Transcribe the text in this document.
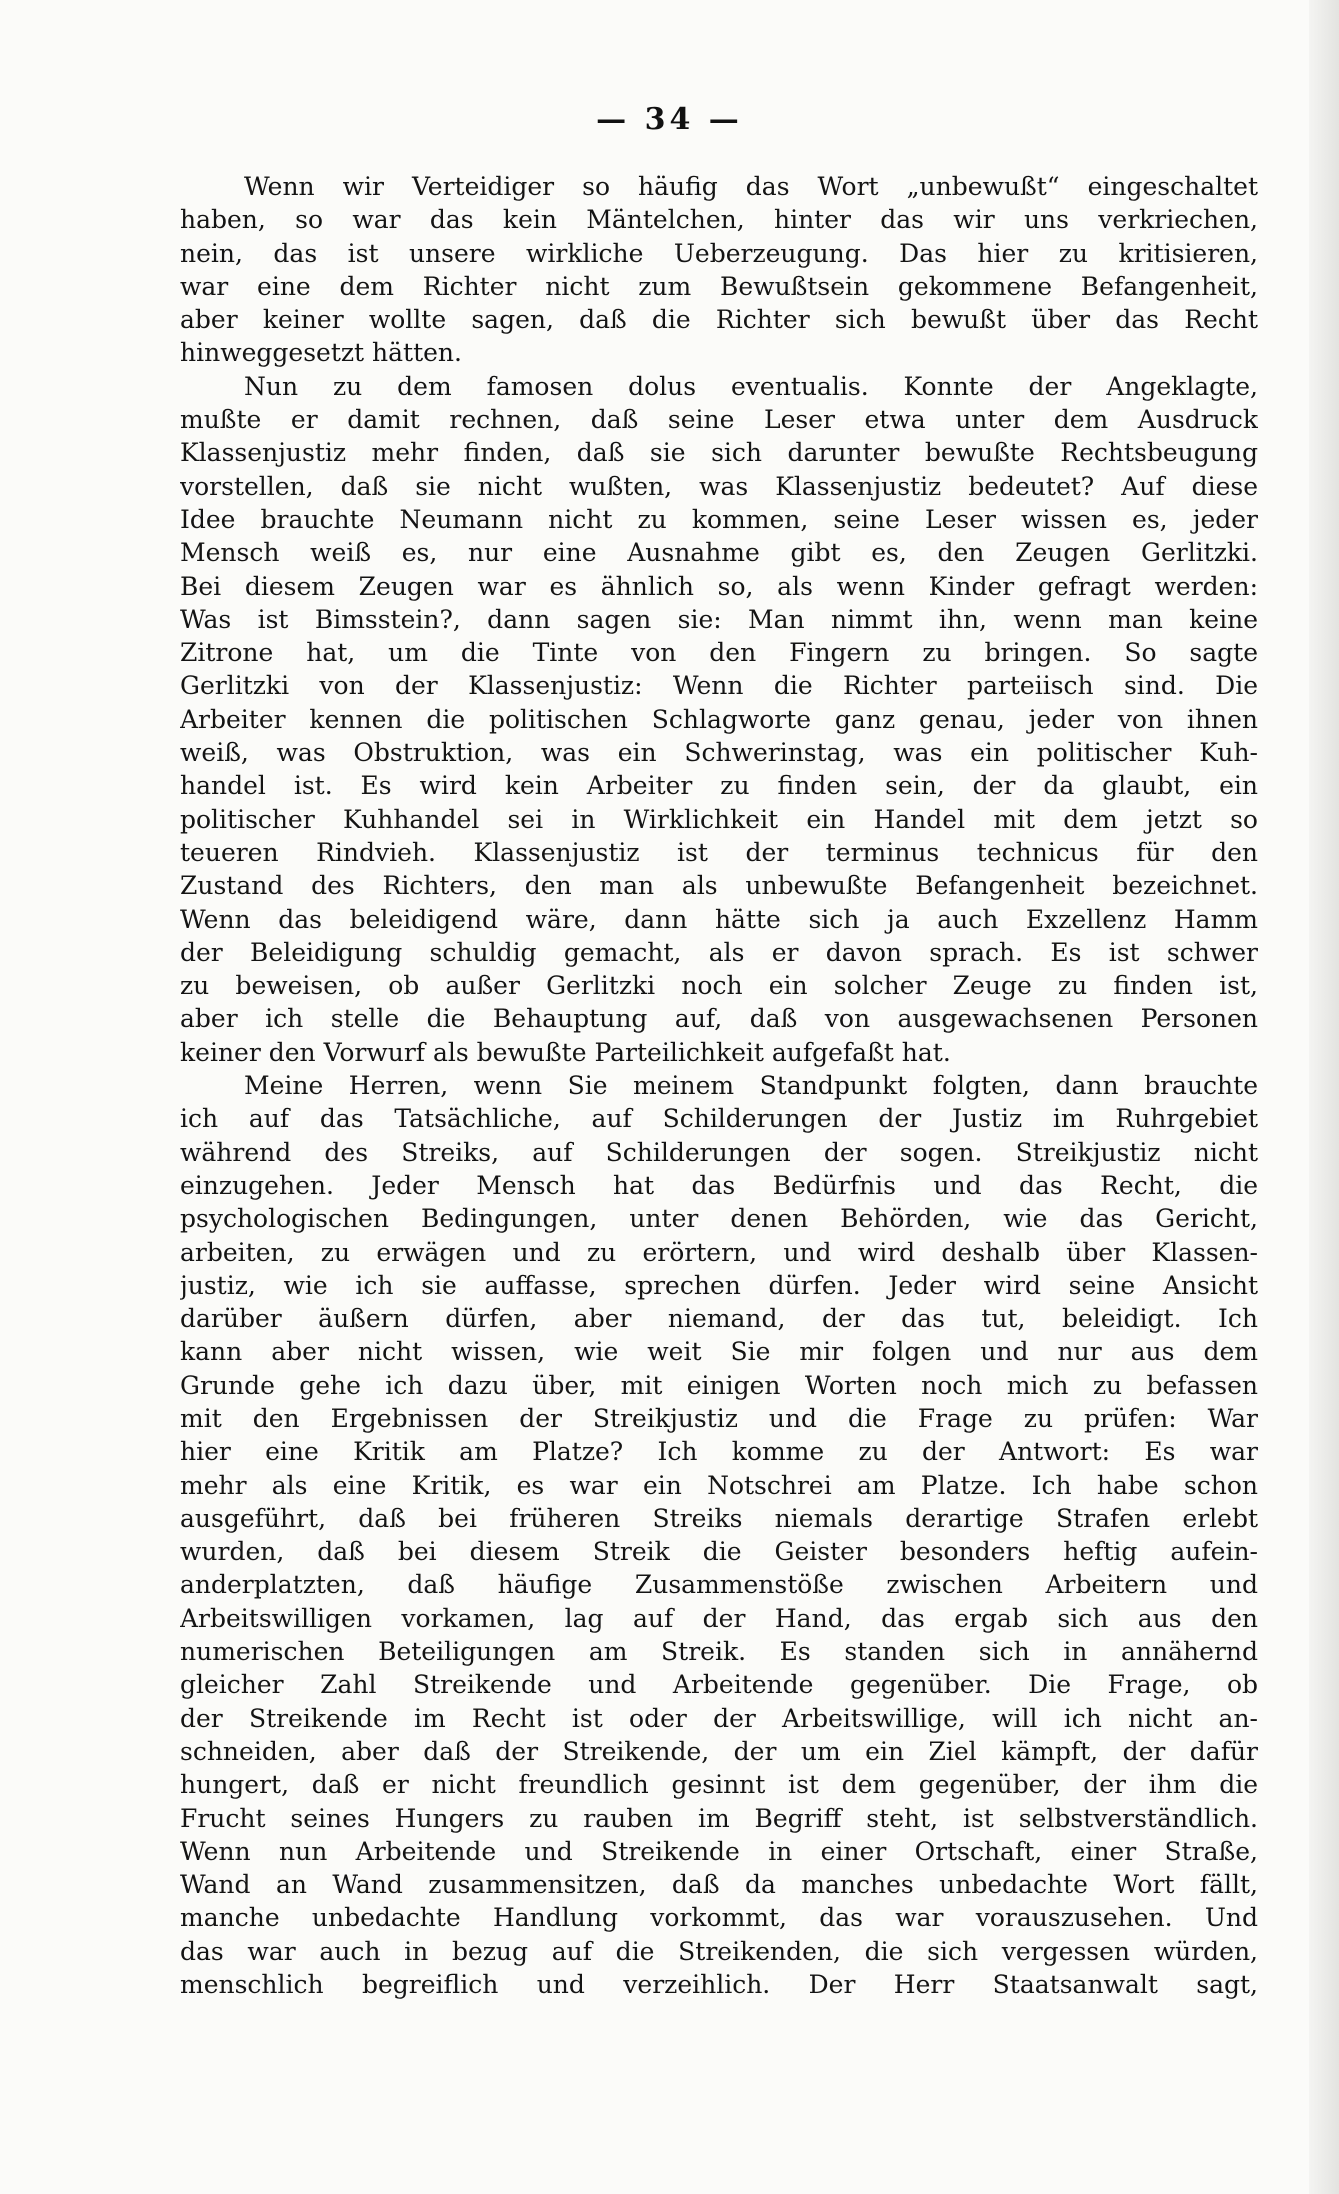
— 34 —
Wenn wir Verteidiger so häufig das Wort „unbewußt“ eingeschaltet
haben, so war das kein Mäntelchen, hinter das wir uns verkriechen,
nein, das ist unsere wirkliche Ueberzeugung. Das hier zu kritisieren,
war eine dem Richter nicht zum Bewußtsein gekommene Befangenheit,
aber keiner wollte sagen, daß die Richter sich bewußt über das Recht
hinweggesetzt hätten.
Nun zu dem famosen dolus eventualis. Konnte der Angeklagte,
mußte er damit rechnen, daß seine Leser etwa unter dem Ausdruck
Klassenjustiz mehr finden, daß sie sich darunter bewußte Rechtsbeugung
vorstellen, daß sie nicht wußten, was Klassenjustiz bedeutet? Auf diese
Idee brauchte Neumann nicht zu kommen, seine Leser wissen es, jeder
Mensch weiß es, nur eine Ausnahme gibt es, den Zeugen Gerlitzki.
Bei diesem Zeugen war es ähnlich so, als wenn Kinder gefragt werden:
Was ist Bimsstein?, dann sagen sie: Man nimmt ihn, wenn man keine
Zitrone hat, um die Tinte von den Fingern zu bringen. So sagte
Gerlitzki von der Klassenjustiz: Wenn die Richter parteiisch sind. Die
Arbeiter kennen die politischen Schlagworte ganz genau, jeder von ihnen
weiß, was Obstruktion, was ein Schwerinstag, was ein politischer Kuh-
handel ist. Es wird kein Arbeiter zu finden sein, der da glaubt, ein
politischer Kuhhandel sei in Wirklichkeit ein Handel mit dem jetzt so
teueren Rindvieh. Klassenjustiz ist der terminus technicus für den
Zustand des Richters, den man als unbewußte Befangenheit bezeichnet.
Wenn das beleidigend wäre, dann hätte sich ja auch Exzellenz Hamm
der Beleidigung schuldig gemacht, als er davon sprach. Es ist schwer
zu beweisen, ob außer Gerlitzki noch ein solcher Zeuge zu finden ist,
aber ich stelle die Behauptung auf, daß von ausgewachsenen Personen
keiner den Vorwurf als bewußte Parteilichkeit aufgefaßt hat.
Meine Herren, wenn Sie meinem Standpunkt folgten, dann brauchte
ich auf das Tatsächliche, auf Schilderungen der Justiz im Ruhrgebiet
während des Streiks, auf Schilderungen der sogen. Streikjustiz nicht
einzugehen. Jeder Mensch hat das Bedürfnis und das Recht, die
psychologischen Bedingungen, unter denen Behörden, wie das Gericht,
arbeiten, zu erwägen und zu erörtern, und wird deshalb über Klassen-
justiz, wie ich sie auffasse, sprechen dürfen. Jeder wird seine Ansicht
darüber äußern dürfen, aber niemand, der das tut, beleidigt. Ich
kann aber nicht wissen, wie weit Sie mir folgen und nur aus dem
Grunde gehe ich dazu über, mit einigen Worten noch mich zu befassen
mit den Ergebnissen der Streikjustiz und die Frage zu prüfen: War
hier eine Kritik am Platze? Ich komme zu der Antwort: Es war
mehr als eine Kritik, es war ein Notschrei am Platze. Ich habe schon
ausgeführt, daß bei früheren Streiks niemals derartige Strafen erlebt
wurden, daß bei diesem Streik die Geister besonders heftig aufein-
anderplatzten, daß häufige Zusammenstöße zwischen Arbeitern und
Arbeitswilligen vorkamen, lag auf der Hand, das ergab sich aus den
numerischen Beteiligungen am Streik. Es standen sich in annähernd
gleicher Zahl Streikende und Arbeitende gegenüber. Die Frage, ob
der Streikende im Recht ist oder der Arbeitswillige, will ich nicht an-
schneiden, aber daß der Streikende, der um ein Ziel kämpft, der dafür
hungert, daß er nicht freundlich gesinnt ist dem gegenüber, der ihm die
Frucht seines Hungers zu rauben im Begriff steht, ist selbstverständlich.
Wenn nun Arbeitende und Streikende in einer Ortschaft, einer Straße,
Wand an Wand zusammensitzen, daß da manches unbedachte Wort fällt,
manche unbedachte Handlung vorkommt, das war vorauszusehen. Und
das war auch in bezug auf die Streikenden, die sich vergessen würden,
menschlich begreiflich und verzeihlich. Der Herr Staatsanwalt sagt,
